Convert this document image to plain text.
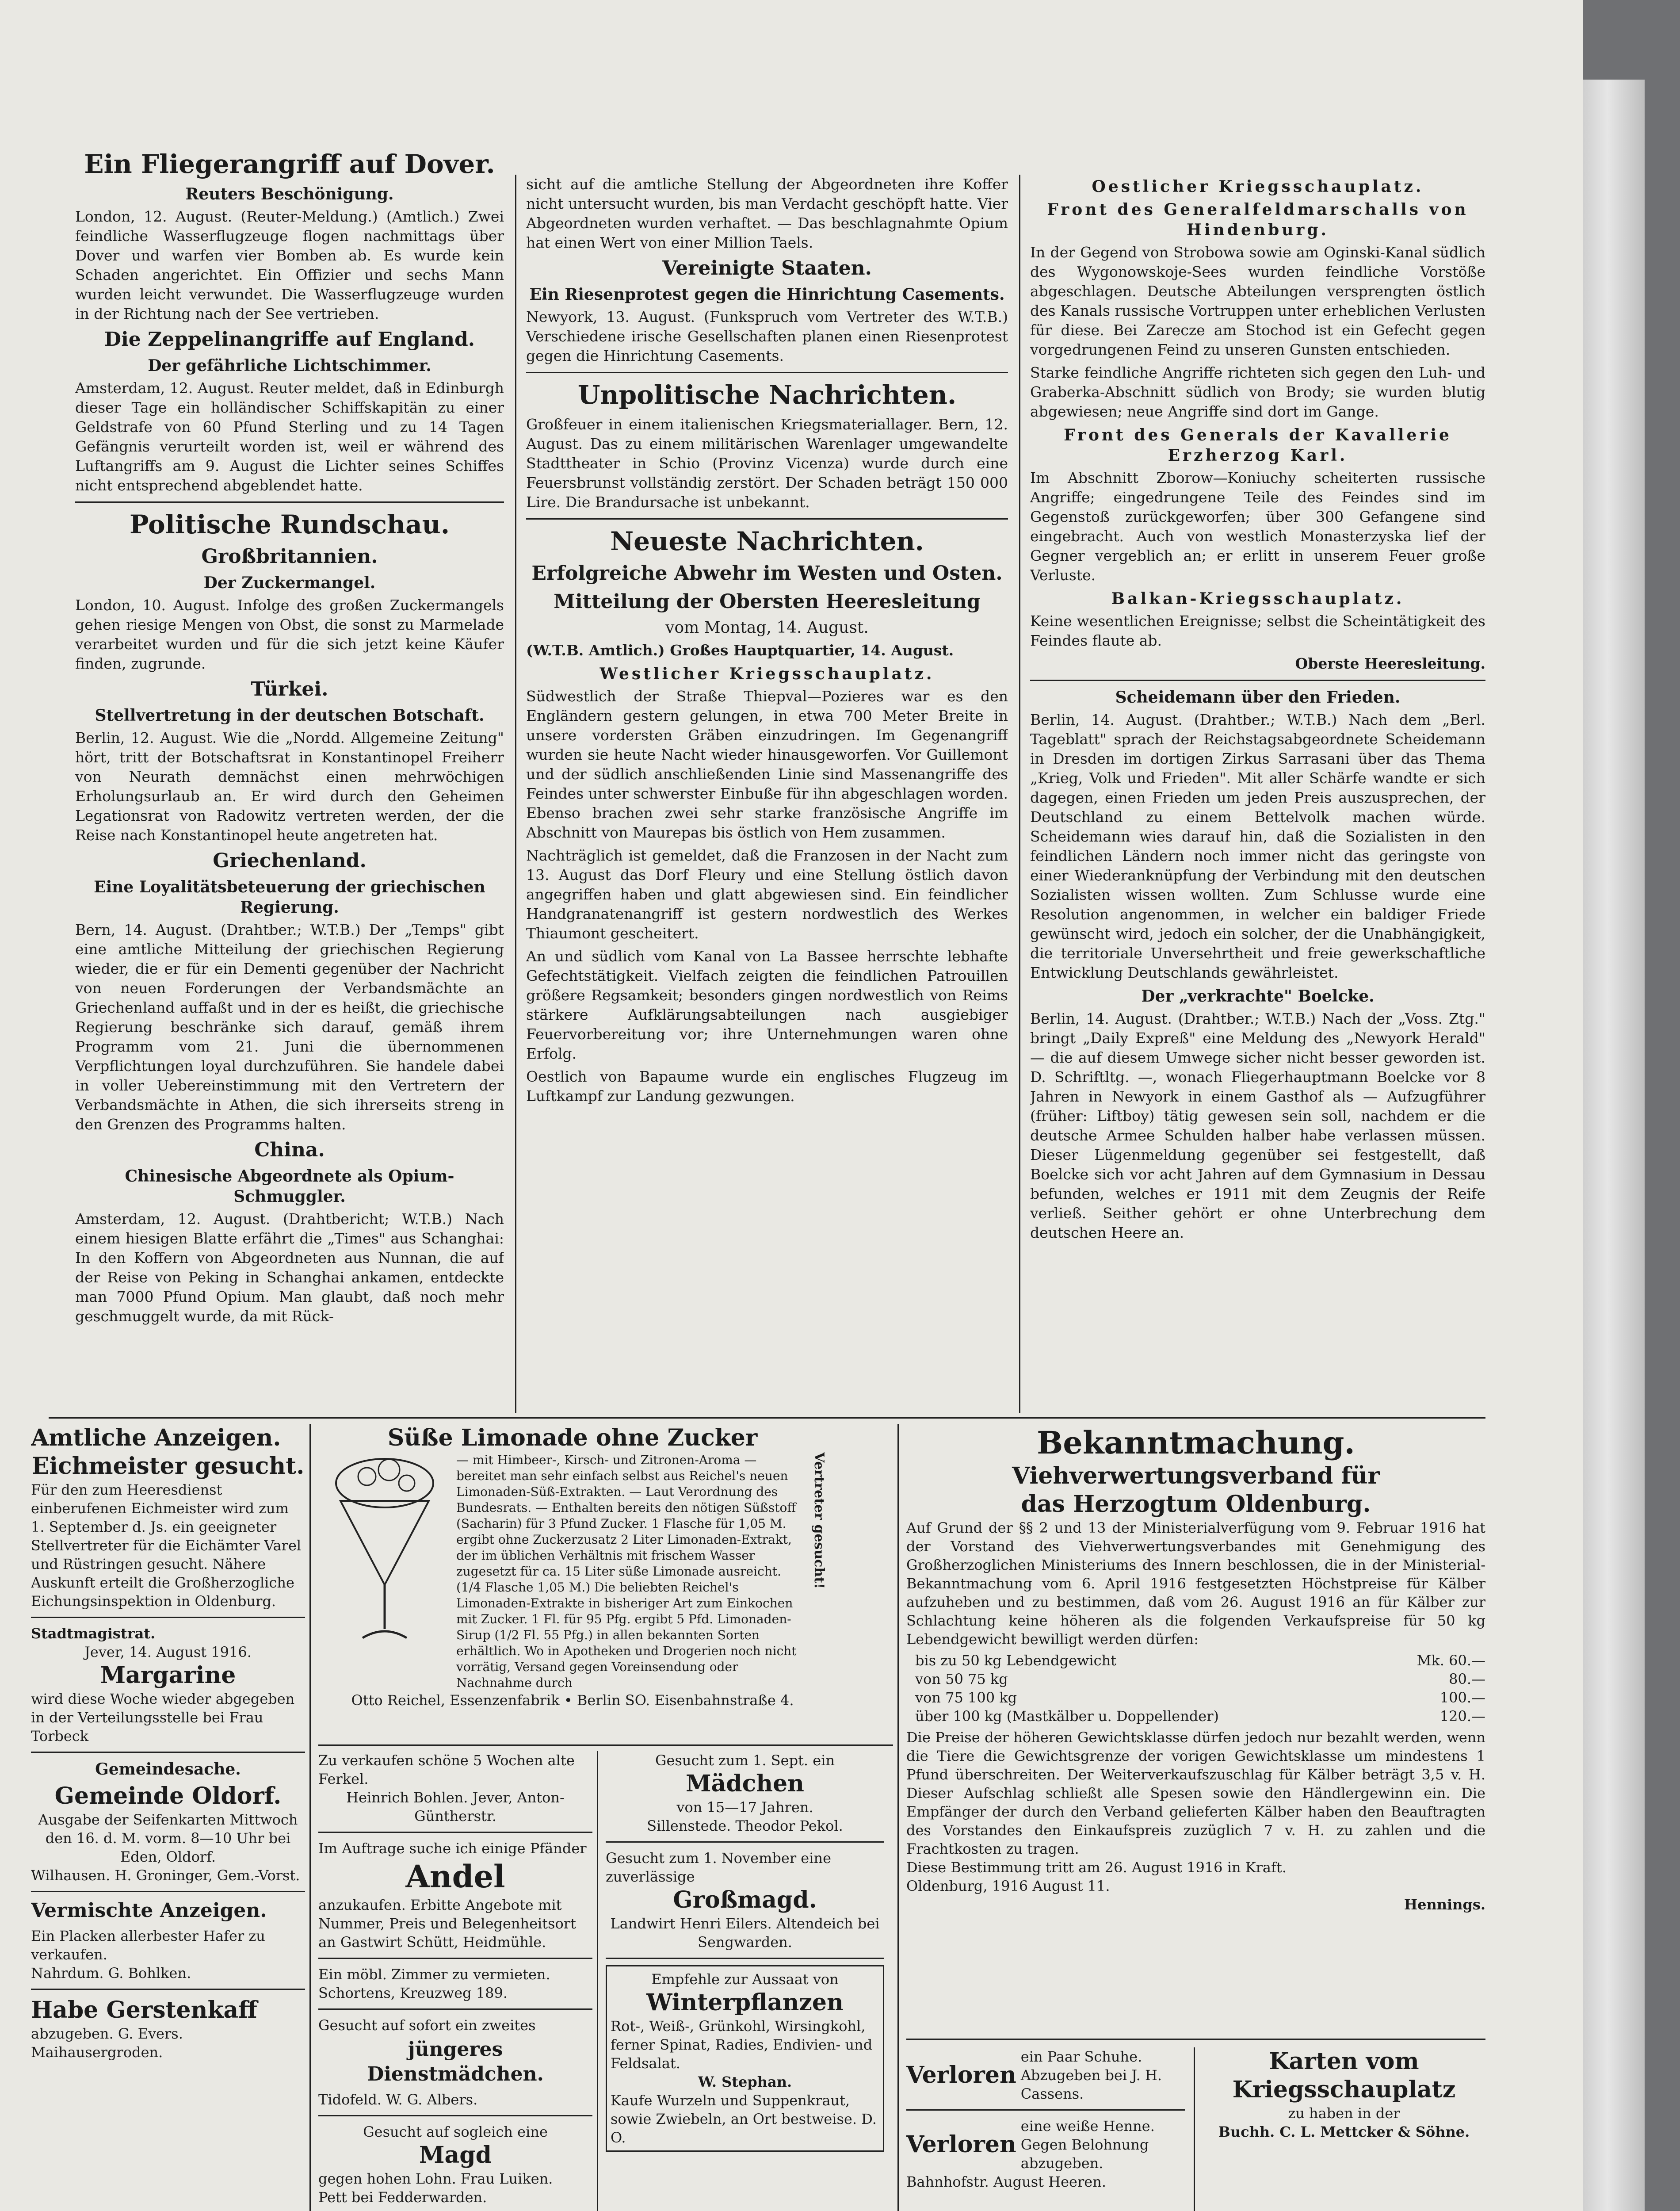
Ein Fliegerangriff auf Dover.
Reuters Beschönigung.

London, 12. August. (Reuter-Meldung.) (Amtlich.) Zwei feindliche Wasserflugzeuge flogen nachmittags über Dover und warfen vier Bomben ab. Es wurde kein Schaden angerichtet. Ein Offizier und sechs Mann wurden leicht verwundet. Die Wasserflugzeuge wurden in der Richtung nach der See vertrieben.

Die Zeppelinangriffe auf England.
Der gefährliche Lichtschimmer.

Amsterdam, 12. August. Reuter meldet, daß in Edinburgh dieser Tage ein holländischer Schiffskapitän zu einer Geldstrafe von 60 Pfund Sterling und zu 14 Tagen Gefängnis verurteilt worden ist, weil er während des Luftangriffs am 9. August die Lichter seines Schiffes nicht entsprechend abgeblendet hatte.

Politische Rundschau.
Großbritannien.
Der Zuckermangel.

London, 10. August. Infolge des großen Zuckermangels gehen riesige Mengen von Obst, die sonst zu Marmelade verarbeitet wurden und für die sich jetzt keine Käufer finden, zugrunde.

Türkei.
Stellvertretung in der deutschen Botschaft.

Berlin, 12. August. Wie die „Nordd. Allgemeine Zeitung" hört, tritt der Botschaftsrat in Konstantinopel Freiherr von Neurath demnächst einen mehrwöchigen Erholungsurlaub an. Er wird durch den Geheimen Legationsrat von Radowitz vertreten werden, der die Reise nach Konstantinopel heute angetreten hat.

Griechenland.
Eine Loyalitätsbeteuerung der griechischen Regierung.

Bern, 14. August. (Drahtber.; W.T.B.) Der „Temps" gibt eine amtliche Mitteilung der griechischen Regierung wieder, die er für ein Dementi gegenüber der Nachricht von neuen Forderungen der Verbandsmächte an Griechenland auffaßt und in der es heißt, die griechische Regierung beschränke sich darauf, gemäß ihrem Programm vom 21. Juni die übernommenen Verpflichtungen loyal durchzuführen. Sie handele dabei in voller Uebereinstimmung mit den Vertretern der Verbandsmächte in Athen, die sich ihrerseits streng in den Grenzen des Programms halten.

China.
Chinesische Abgeordnete als Opium-Schmuggler.

Amsterdam, 12. August. (Drahtbericht; W.T.B.) Nach einem hiesigen Blatte erfährt die „Times" aus Schanghai: In den Koffern von Abgeordneten aus Nunnan, die auf der Reise von Peking in Schanghai ankamen, entdeckte man 7000 Pfund Opium. Man glaubt, daß noch mehr geschmuggelt wurde, da mit Rück-

sicht auf die amtliche Stellung der Abgeordneten ihre Koffer nicht untersucht wurden, bis man Verdacht geschöpft hatte. Vier Abgeordneten wurden verhaftet. — Das beschlagnahmte Opium hat einen Wert von einer Million Taels.

Vereinigte Staaten.
Ein Riesenprotest gegen die Hinrichtung Casements.

Newyork, 13. August. (Funkspruch vom Vertreter des W.T.B.) Verschiedene irische Gesellschaften planen einen Riesenprotest gegen die Hinrichtung Casements.

Unpolitische Nachrichten.

Großfeuer in einem italienischen Kriegsmateriallager. Bern, 12. August. Das zu einem militärischen Warenlager umgewandelte Stadttheater in Schio (Provinz Vicenza) wurde durch eine Feuersbrunst vollständig zerstört. Der Schaden beträgt 150 000 Lire. Die Brandursache ist unbekannt.

Neueste Nachrichten.
Erfolgreiche Abwehr im Westen und Osten.
Mitteilung der Obersten Heeresleitung
vom Montag, 14. August.

(W.T.B. Amtlich.) Großes Hauptquartier, 14. August.

Westlicher Kriegsschauplatz.

Südwestlich der Straße Thiepval—Pozieres war es den Engländern gestern gelungen, in etwa 700 Meter Breite in unsere vordersten Gräben einzudringen. Im Gegenangriff wurden sie heute Nacht wieder hinausgeworfen. Vor Guillemont und der südlich anschließenden Linie sind Massenangriffe des Feindes unter schwerster Einbuße für ihn abgeschlagen worden. Ebenso brachen zwei sehr starke französische Angriffe im Abschnitt von Maurepas bis östlich von Hem zusammen.

Nachträglich ist gemeldet, daß die Franzosen in der Nacht zum 13. August das Dorf Fleury und eine Stellung östlich davon angegriffen haben und glatt abgewiesen sind. Ein feindlicher Handgranatenangriff ist gestern nordwestlich des Werkes Thiaumont gescheitert.

An und südlich vom Kanal von La Bassee herrschte lebhafte Gefechtstätigkeit. Vielfach zeigten die feindlichen Patrouillen größere Regsamkeit; besonders gingen nordwestlich von Reims stärkere Aufklärungsabteilungen nach ausgiebiger Feuervorbereitung vor; ihre Unternehmungen waren ohne Erfolg.

Oestlich von Bapaume wurde ein englisches Flugzeug im Luftkampf zur Landung gezwungen.

Oestlicher Kriegsschauplatz.
Front des Generalfeldmarschalls von Hindenburg.

In der Gegend von Strobowa sowie am Oginski-Kanal südlich des Wygonowskoje-Sees wurden feindliche Vorstöße abgeschlagen. Deutsche Abteilungen versprengten östlich des Kanals russische Vortruppen unter erheblichen Verlusten für diese. Bei Zarecze am Stochod ist ein Gefecht gegen vorgedrungenen Feind zu unseren Gunsten entschieden.

Starke feindliche Angriffe richteten sich gegen den Luh- und Graberka-Abschnitt südlich von Brody; sie wurden blutig abgewiesen; neue Angriffe sind dort im Gange.

Front des Generals der Kavallerie Erzherzog Karl.

Im Abschnitt Zborow—Koniuchy scheiterten russische Angriffe; eingedrungene Teile des Feindes sind im Gegenstoß zurückgeworfen; über 300 Gefangene sind eingebracht. Auch von westlich Monasterzyska lief der Gegner vergeblich an; er erlitt in unserem Feuer große Verluste.

Balkan-Kriegsschauplatz.

Keine wesentlichen Ereignisse; selbst die Scheintätigkeit des Feindes flaute ab.

Oberste Heeresleitung.

Scheidemann über den Frieden.

Berlin, 14. August. (Drahtber.; W.T.B.) Nach dem „Berl. Tageblatt" sprach der Reichstagsabgeordnete Scheidemann in Dresden im dortigen Zirkus Sarrasani über das Thema „Krieg, Volk und Frieden". Mit aller Schärfe wandte er sich dagegen, einen Frieden um jeden Preis auszusprechen, der Deutschland zu einem Bettelvolk machen würde. Scheidemann wies darauf hin, daß die Sozialisten in den feindlichen Ländern noch immer nicht das geringste von einer Wiederanknüpfung der Verbindung mit den deutschen Sozialisten wissen wollten. Zum Schlusse wurde eine Resolution angenommen, in welcher ein baldiger Friede gewünscht wird, jedoch ein solcher, der die Unabhängigkeit, die territoriale Unversehrtheit und freie gewerkschaftliche Entwicklung Deutschlands gewährleistet.

Der „verkrachte" Boelcke.

Berlin, 14. August. (Drahtber.; W.T.B.) Nach der „Voss. Ztg." bringt „Daily Expreß" eine Meldung des „Newyork Herald" — die auf diesem Umwege sicher nicht besser geworden ist. D. Schriftltg. —, wonach Fliegerhauptmann Boelcke vor 8 Jahren in Newyork in einem Gasthof als — Aufzugführer (früher: Liftboy) tätig gewesen sein soll, nachdem er die deutsche Armee Schulden halber habe verlassen müssen. Dieser Lügenmeldung gegenüber sei festgestellt, daß Boelcke sich vor acht Jahren auf dem Gymnasium in Dessau befunden, welches er 1911 mit dem Zeugnis der Reife verließ. Seither gehört er ohne Unterbrechung dem deutschen Heere an.

Amtliche Anzeigen.
Eichmeister gesucht.

Für den zum Heeresdienst einberufenen Eichmeister wird zum 1. September d. Js. ein geeigneter Stellvertreter für die Eichämter Varel und Rüstringen gesucht. Nähere Auskunft erteilt die Großherzogliche Eichungsinspektion in Oldenburg.

Stadtmagistrat.

Jever, 14. August 1916.

Margarine

wird diese Woche wieder abgegeben in der Verteilungsstelle bei Frau Torbeck

Gemeindesache.
Gemeinde Oldorf.

Ausgabe der Seifenkarten Mittwoch den 16. d. M. vorm. 8—10 Uhr bei Eden, Oldorf.

Wilhausen. H. Groninger, Gem.-Vorst.

Vermischte Anzeigen.

Ein Placken allerbester Hafer zu verkaufen.

Nahrdum. G. Bohlken.

Habe Gerstenkaff

abzugeben. G. Evers.

Maihausergroden.

Süße Limonade ohne Zucker

— mit Himbeer-, Kirsch- und Zitronen-Aroma — bereitet man sehr einfach selbst aus Reichel's neuen Limonaden-Süß-Extrakten. — Laut Verordnung des Bundesrats. — Enthalten bereits den nötigen Süßstoff (Sacharin) für 3 Pfund Zucker. 1 Flasche für 1,05 M. ergibt ohne Zuckerzusatz 2 Liter Limonaden-Extrakt, der im üblichen Verhältnis mit frischem Wasser zugesetzt für ca. 15 Liter süße Limonade ausreicht. (1/4 Flasche 1,05 M.) Die beliebten Reichel's Limonaden-Extrakte in bisheriger Art zum Einkochen mit Zucker. 1 Fl. für 95 Pfg. ergibt 5 Pfd. Limonaden-Sirup (1/2 Fl. 55 Pfg.) in allen bekannten Sorten erhältlich. Wo in Apotheken und Drogerien noch nicht vorrätig, Versand gegen Voreinsendung oder Nachnahme durch

Vertreter gesucht!

Otto Reichel, Essenzenfabrik • Berlin SO. Eisenbahnstraße 4.

Zu verkaufen schöne 5 Wochen alte Ferkel.

Heinrich Bohlen. Jever, Anton-Güntherstr.

Im Auftrage suche ich einige Pfänder

Andel

anzukaufen. Erbitte Angebote mit Nummer, Preis und Belegenheitsort an Gastwirt Schütt, Heidmühle.

Ein möbl. Zimmer zu vermieten. Schortens, Kreuzweg 189.

Gesucht auf sofort ein zweites

jüngeres Dienstmädchen.

Tidofeld. W. G. Albers.

Gesucht auf sogleich eine

Magd

gegen hohen Lohn. Frau Luiken.

Pett bei Fedderwarden.

Gesucht zum 1. Sept. ein

Mädchen

von 15—17 Jahren.

Sillenstede. Theodor Pekol.

Gesucht zum 1. November eine zuverlässige

Großmagd.

Landwirt Henri Eilers. Altendeich bei Sengwarden.

Empfehle zur Aussaat von

Winterpflanzen

Rot-, Weiß-, Grünkohl, Wirsingkohl, ferner Spinat, Radies, Endivien- und Feldsalat.

W. Stephan.

Kaufe Wurzeln und Suppenkraut, sowie Zwiebeln, an Ort bestweise. D. O.

Bekanntmachung.
Viehverwertungsverband für
das Herzogtum Oldenburg.

Auf Grund der §§ 2 und 13 der Ministerialverfügung vom 9. Februar 1916 hat der Vorstand des Viehverwertungsverbandes mit Genehmigung des Großherzoglichen Ministeriums des Innern beschlossen, die in der Ministerial-Bekanntmachung vom 6. April 1916 festgesetzten Höchstpreise für Kälber aufzuheben und zu bestimmen, daß vom 26. August 1916 an für Kälber zur Schlachtung keine höheren als die folgenden Verkaufspreise für 50 kg Lebendgewicht bewilligt werden dürfen:

bis zu 50 kg Lebendgewicht	Mk. 60.—
von 50 75 kg	80.—
von 75 100 kg	100.—
über 100 kg (Mastkälber u. Doppellender)	120.—

Die Preise der höheren Gewichtsklasse dürfen jedoch nur bezahlt werden, wenn die Tiere die Gewichtsgrenze der vorigen Gewichtsklasse um mindestens 1 Pfund überschreiten. Der Weiterverkaufszuschlag für Kälber beträgt 3,5 v. H. Dieser Aufschlag schließt alle Spesen sowie den Händlergewinn ein. Die Empfänger der durch den Verband gelieferten Kälber haben den Beauftragten des Vorstandes den Einkaufspreis zuzüglich 7 v. H. zu zahlen und die Frachtkosten zu tragen.

Diese Bestimmung tritt am 26. August 1916 in Kraft.

Oldenburg, 1916 August 11.

Hennings.

Verloren

ein Paar Schuhe. Abzugeben bei J. H. Cassens.

Verloren

eine weiße Henne. Gegen Belohnung abzugeben.

Bahnhofstr. August Heeren.

Karten vom Kriegsschauplatz

zu haben in der

Buchh. C. L. Mettcker & Söhne.
